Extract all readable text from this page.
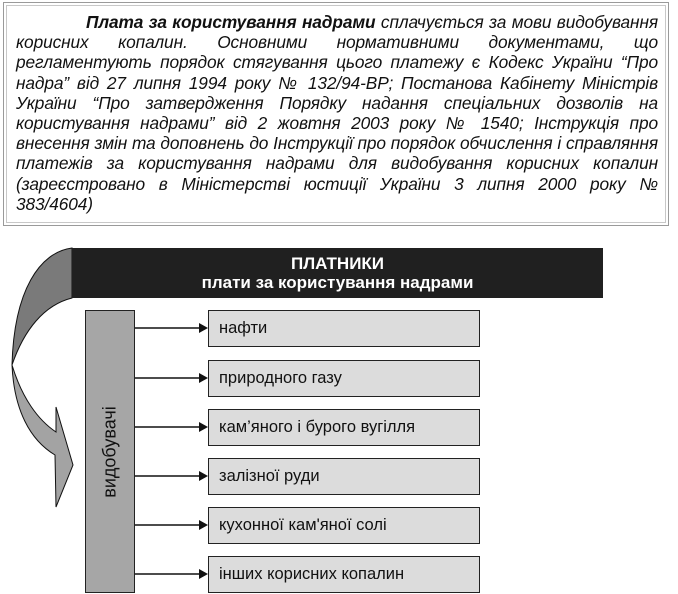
Плата за користування надрами сплачується за мови видобування корисних копалин. Основними нормативними документами, що регламентують порядок стягування цього платежу є Кодекс України “Про надра” від 27 липня 1994 року № 132/94-ВР; Постанова Кабінету Міністрів України “Про затвердження Порядку надання спеціальних дозволів на користування надрами” від 2 жовтня 2003 року № 1540; Інструкція про внесення змін та доповнень до Інструкції про порядок обчислення і справляння платежів за користування надрами для видобування корисних копалин (зареєстровано в Міністерстві юстиції України 3 липня 2000 року № 383/4604)

ПЛАТНИКИ
плати за користування надрами
видобувачі
нафти
природного газу
кам’яного і бурого вугілля
залізної руди
кухонної кам'яної солі
інших корисних копалин
